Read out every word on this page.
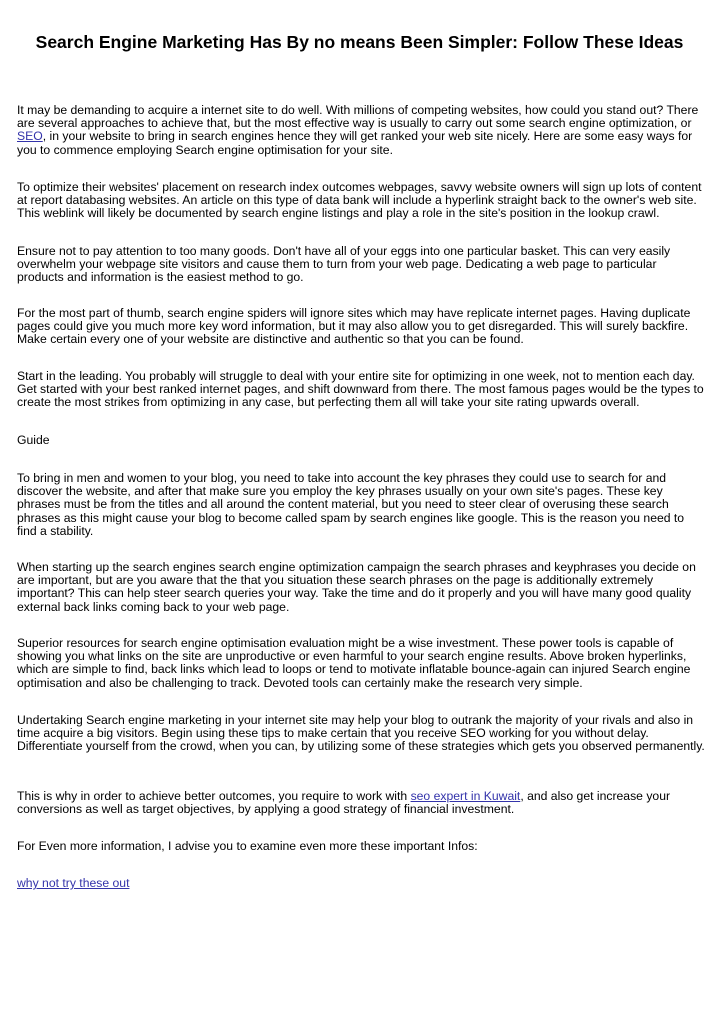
Search Engine Marketing Has By no means Been Simpler: Follow These Ideas

It may be demanding to acquire a internet site to do well. With millions of competing websites, how could you stand out? There are several approaches to achieve that, but the most effective way is usually to carry out some search engine optimization, or SEO, in your website to bring in search engines hence they will get ranked your web site nicely. Here are some easy ways for you to commence employing Search engine optimisation for your site.

To optimize their websites' placement on research index outcomes webpages, savvy website owners will sign up lots of content at report databasing websites. An article on this type of data bank will include a hyperlink straight back to the owner's web site. This weblink will likely be documented by search engine listings and play a role in the site's position in the lookup crawl.

Ensure not to pay attention to too many goods. Don't have all of your eggs into one particular basket. This can very easily overwhelm your webpage site visitors and cause them to turn from your web page. Dedicating a web page to particular products and information is the easiest method to go.

For the most part of thumb, search engine spiders will ignore sites which may have replicate internet pages. Having duplicate pages could give you much more key word information, but it may also allow you to get disregarded. This will surely backfire. Make certain every one of your website are distinctive and authentic so that you can be found.

Start in the leading. You probably will struggle to deal with your entire site for optimizing in one week, not to mention each day. Get started with your best ranked internet pages, and shift downward from there. The most famous pages would be the types to create the most strikes from optimizing in any case, but perfecting them all will take your site rating upwards overall.

Guide

To bring in men and women to your blog, you need to take into account the key phrases they could use to search for and discover the website, and after that make sure you employ the key phrases usually on your own site's pages. These key phrases must be from the titles and all around the content material, but you need to steer clear of overusing these search phrases as this might cause your blog to become called spam by search engines like google. This is the reason you need to find a stability.

When starting up the search engines search engine optimization campaign the search phrases and keyphrases you decide on are important, but are you aware that the that you situation these search phrases on the page is additionally extremely important? This can help steer search queries your way. Take the time and do it properly and you will have many good quality external back links coming back to your web page.

Superior resources for search engine optimisation evaluation might be a wise investment. These power tools is capable of showing you what links on the site are unproductive or even harmful to your search engine results. Above broken hyperlinks, which are simple to find, back links which lead to loops or tend to motivate inflatable bounce-again can injured Search engine optimisation and also be challenging to track. Devoted tools can certainly make the research very simple.

Undertaking Search engine marketing in your internet site may help your blog to outrank the majority of your rivals and also in time acquire a big visitors. Begin using these tips to make certain that you receive SEO working for you without delay. Differentiate yourself from the crowd, when you can, by utilizing some of these strategies which gets you observed permanently.

This is why in order to achieve better outcomes, you require to work with seo expert in Kuwait, and also get increase your conversions as well as target objectives, by applying a good strategy of financial investment.

For Even more information, I advise you to examine even more these important Infos:

why not try these out
